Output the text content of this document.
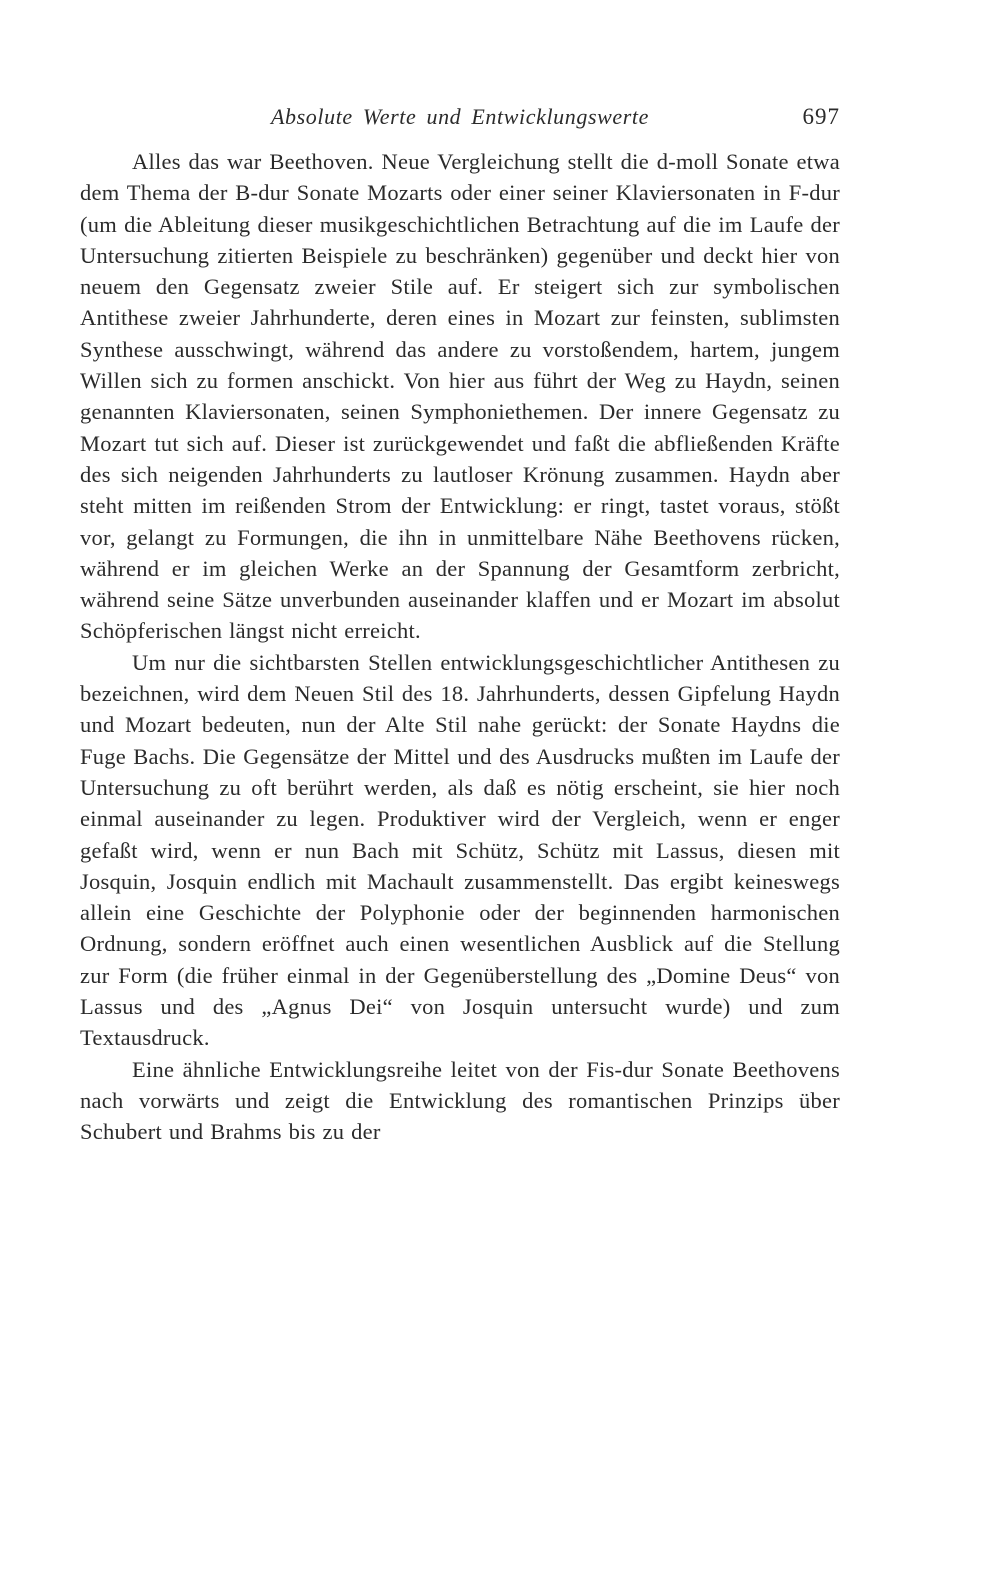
Absolute Werte und Entwicklungswerte	697

Alles das war Beethoven. Neue Vergleichung stellt die d-moll Sonate etwa dem Thema der B-dur Sonate Mozarts oder einer seiner Klaviersonaten in F-dur (um die Ableitung dieser musikgeschichtlichen Betrachtung auf die im Laufe der Untersuchung zitierten Beispiele zu beschränken) gegenüber und deckt hier von neuem den Gegensatz zweier Stile auf. Er steigert sich zur symbolischen Antithese zweier Jahrhunderte, deren eines in Mozart zur feinsten, sublimsten Synthese ausschwingt, während das andere zu vorstoßendem, hartem, jungem Willen sich zu formen anschickt. Von hier aus führt der Weg zu Haydn, seinen genannten Klaviersonaten, seinen Symphoniethemen. Der innere Gegensatz zu Mozart tut sich auf. Dieser ist zurückgewendet und faßt die abfließenden Kräfte des sich neigenden Jahrhunderts zu lautloser Krönung zusammen. Haydn aber steht mitten im reißenden Strom der Entwicklung: er ringt, tastet voraus, stößt vor, gelangt zu Formungen, die ihn in unmittelbare Nähe Beethovens rücken, während er im gleichen Werke an der Spannung der Gesamtform zerbricht, während seine Sätze unverbunden auseinander klaffen und er Mozart im absolut Schöpferischen längst nicht erreicht.

Um nur die sichtbarsten Stellen entwicklungsgeschichtlicher Antithesen zu bezeichnen, wird dem Neuen Stil des 18. Jahrhunderts, dessen Gipfelung Haydn und Mozart bedeuten, nun der Alte Stil nahe gerückt: der Sonate Haydns die Fuge Bachs. Die Gegensätze der Mittel und des Ausdrucks mußten im Laufe der Untersuchung zu oft berührt werden, als daß es nötig erscheint, sie hier noch einmal auseinander zu legen. Produktiver wird der Vergleich, wenn er enger gefaßt wird, wenn er nun Bach mit Schütz, Schütz mit Lassus, diesen mit Josquin, Josquin endlich mit Machault zusammenstellt. Das ergibt keineswegs allein eine Geschichte der Polyphonie oder der beginnenden harmonischen Ordnung, sondern eröffnet auch einen wesentlichen Ausblick auf die Stellung zur Form (die früher einmal in der Gegenüberstellung des „Domine Deus“ von Lassus und des „Agnus Dei“ von Josquin untersucht wurde) und zum Textausdruck.

Eine ähnliche Entwicklungsreihe leitet von der Fis-dur Sonate Beethovens nach vorwärts und zeigt die Entwicklung des romantischen Prinzips über Schubert und Brahms bis zu der
